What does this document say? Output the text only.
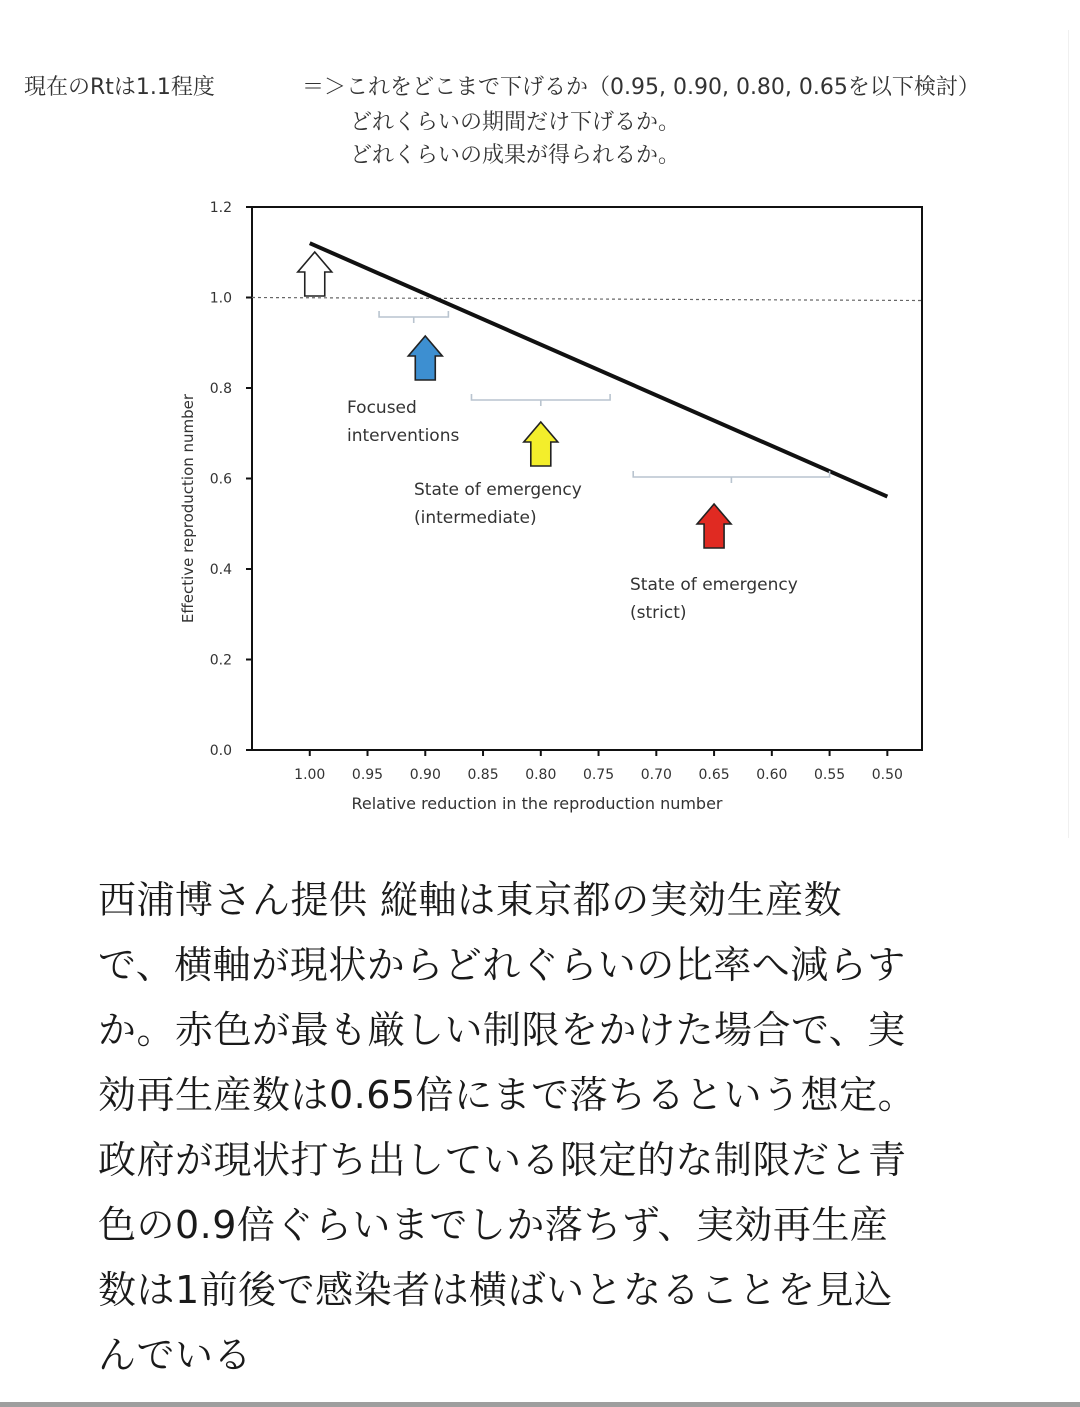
現在のRtは1.1程度	＝＞これをどこまで下げるか（0.95, 0.90, 0.80, 0.65を以下検討）
どれくらいの期間だけ下げるか。
どれくらいの成果が得られるか。
0.0
0.2
0.4
0.6
0.8
1.0
1.2
1.00 0.95 0.90 0.85 0.80 0.75 0.70 0.65 0.60 0.55 0.50
Relative reduction in the reproduction number
Effective reproduction number	Focused
interventions
State of emergency
(intermediate)
State of emergency
(strict)
西浦博さん提供 縦軸は東京都の実効生産数
で、横軸が現状からどれぐらいの比率へ減らす
か。赤色が最も厳しい制限をかけた場合で、実
効再生産数は0.65倍にまで落ちるという想定。
政府が現状打ち出している限定的な制限だと青
色の0.9倍ぐらいまでしか落ちず、実効再生産
数は1前後で感染者は横ばいとなることを見込
んでいる
